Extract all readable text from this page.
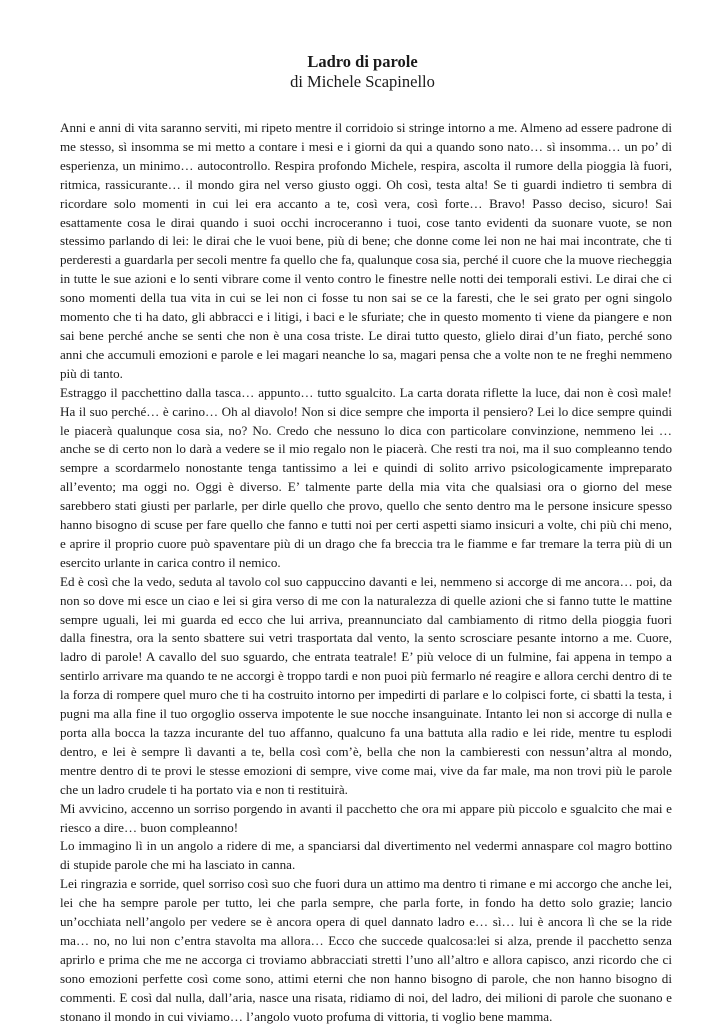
Ladro di parole

di Michele Scapinello

Anni e anni di vita saranno serviti, mi ripeto mentre il corridoio si stringe intorno a me. Almeno ad essere padrone di me stesso, sì insomma se mi metto a contare i mesi e i giorni da qui a quando sono nato… sì insomma… un po’ di esperienza, un minimo… autocontrollo. Respira profondo Michele, respira, ascolta il rumore della pioggia là fuori, ritmica, rassicurante… il mondo gira nel verso giusto oggi. Oh così, testa alta! Se ti guardi indietro ti sembra di ricordare solo momenti in cui lei era accanto a te, così vera, così forte… Bravo! Passo deciso, sicuro! Sai esattamente cosa le dirai quando i suoi occhi incroceranno i tuoi, cose tanto evidenti da suonare vuote, se non stessimo parlando di lei: le dirai che le vuoi bene, più di bene; che donne come lei non ne hai mai incontrate, che ti perderesti a guardarla per secoli mentre fa quello che fa, qualunque cosa sia, perché il cuore che la muove riecheggia in tutte le sue azioni e lo senti vibrare come il vento contro le finestre nelle notti dei temporali estivi. Le dirai che ci sono momenti della tua vita in cui se lei non ci fosse tu non sai se ce la faresti, che le sei grato per ogni singolo momento che ti ha dato, gli abbracci e i litigi, i baci e le sfuriate; che in questo momento ti viene da piangere e non sai bene perché anche se senti che non è una cosa triste. Le dirai tutto questo, glielo dirai d’un fiato, perché sono anni che accumuli emozioni e parole e lei magari neanche lo sa, magari pensa che a volte non te ne freghi nemmeno più di tanto.

Estraggo il pacchettino dalla tasca… appunto… tutto sgualcito. La carta dorata riflette la luce, dai non è così male! Ha il suo perché… è carino… Oh al diavolo! Non si dice sempre che importa il pensiero? Lei lo dice sempre quindi le piacerà qualunque cosa sia, no? No. Credo che nessuno lo dica con particolare convinzione, nemmeno lei … anche se di certo non lo darà a vedere se il mio regalo non le piacerà. Che resti tra noi, ma il suo compleanno tendo sempre a scordarmelo nonostante tenga tantissimo a lei e quindi di solito arrivo psicologicamente impreparato all’evento; ma oggi no. Oggi è diverso. E’ talmente parte della mia vita che qualsiasi ora o giorno del mese sarebbero stati giusti per parlarle, per dirle quello che provo, quello che sento dentro ma le persone insicure spesso hanno bisogno di scuse per fare quello che fanno e tutti noi per certi aspetti siamo insicuri a volte, chi più chi meno, e aprire il proprio cuore può spaventare più di un drago che fa breccia tra le fiamme e far tremare la terra più di un esercito urlante in carica contro il nemico.

Ed è così che la vedo, seduta al tavolo col suo cappuccino davanti e lei, nemmeno si accorge di me ancora… poi, da non so dove mi esce un ciao e lei si gira verso di me con la naturalezza di quelle azioni che si fanno tutte le mattine sempre uguali, lei mi guarda ed ecco che lui arriva, preannunciato dal cambiamento di ritmo della pioggia fuori dalla finestra, ora la sento sbattere sui vetri trasportata dal vento, la sento scrosciare pesante intorno a me. Cuore, ladro di parole! A cavallo del suo sguardo, che entrata teatrale! E’ più veloce di un fulmine, fai appena in tempo a sentirlo arrivare ma quando te ne accorgi è troppo tardi e non puoi più fermarlo né reagire e allora cerchi dentro di te la forza di rompere quel muro che ti ha costruito intorno per impedirti di parlare e lo colpisci forte, ci sbatti la testa, i pugni ma alla fine il tuo orgoglio osserva impotente le sue nocche insanguinate. Intanto lei non si accorge di nulla e porta alla bocca la tazza incurante del tuo affanno, qualcuno fa una battuta alla radio e lei ride, mentre tu esplodi dentro, e lei è sempre lì davanti a te, bella così com’è, bella che non la cambieresti con nessun’altra al mondo, mentre dentro di te provi le stesse emozioni di sempre, vive come mai, vive da far male, ma non trovi più le parole che un ladro crudele ti ha portato via e non ti restituirà.

Mi avvicino, accenno un sorriso porgendo in avanti il pacchetto che ora mi appare più piccolo e sgualcito che mai e riesco a dire… buon compleanno!

Lo immagino lì in un angolo a ridere di me, a spanciarsi dal divertimento nel vedermi annaspare col magro bottino di stupide parole che mi ha lasciato in canna.

Lei ringrazia e sorride, quel sorriso così suo che fuori dura un attimo ma dentro ti rimane e mi accorgo che anche lei, lei che ha sempre parole per tutto, lei che parla sempre, che parla forte, in fondo ha detto solo grazie; lancio un’occhiata nell’angolo per vedere se è ancora opera di quel dannato ladro e… sì… lui è ancora lì che se la ride ma… no, no lui non c’entra stavolta ma allora… Ecco che succede qualcosa:lei si alza, prende il pacchetto senza aprirlo e prima che me ne accorga ci troviamo abbracciati stretti l’uno all’altro e allora capisco, anzi ricordo che ci sono emozioni perfette così come sono, attimi eterni che non hanno bisogno di parole, che non hanno bisogno di commenti. E così dal nulla, dall’aria, nasce una risata, ridiamo di noi, del ladro, dei milioni di parole che suonano e stonano il mondo in cui viviamo… l’angolo vuoto profuma di vittoria, ti voglio bene mamma.
